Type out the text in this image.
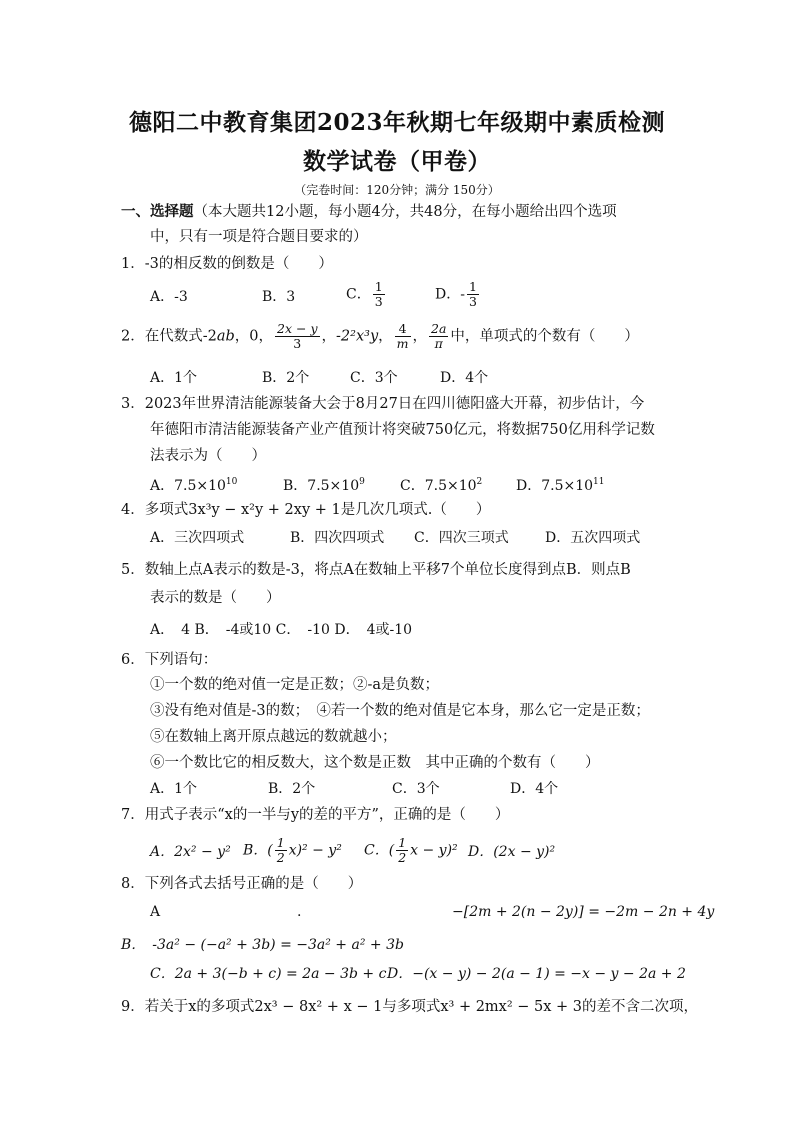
德阳二中教育集团2023年秋期七年级期中素质检测
数学试卷（甲卷）
（完卷时间：120分钟；满分 150分）
一、选择题（本大题共12小题，每小题4分，共48分，在每小题给出四个选项
中，只有一项是符合题目要求的）
1．-3的相反数的倒数是（　　）
A．-3	B．3	C． $\frac{1}{3}$	D．- $\frac{1}{3}$
2．在代数式-2ab，0， $\frac{2x - y}{3}$ ，-2²x³y， $\frac{4}{m}$ ， $\frac{2a}{\pi}$ 中，单项式的个数有（　　）
A．1个	B．2个	C．3个	D．4个
3．2023年世界清洁能源装备大会于8月27日在四川德阳盛大开幕，初步估计，今
年德阳市清洁能源装备产业产值预计将突破750亿元，将数据750亿用科学记数
法表示为（　　）
A．$7.5\times 10^{10}$	B．$7.5\times 10^9$	C．$7.5\times 10^2$ D．$7.5\times 10^{11}$
4．多项式3x³y − x²y + 2xy + 1是几次几项式.（　　）
A．三次四项式	B．四次四项式 C．四次三项式	D．五次四项式
5．数轴上点A表示的数是-3，将点A在数轴上平移7个单位长度得到点B．则点B
表示的数是（　　）
A．　4 B．　-4或10 C．　-10 D．　4或-10
6．下列语句：
①一个数的绝对值一定是正数；②-a是负数；
③没有绝对值是-3的数；　④若一个数的绝对值是它本身，那么它一定是正数；
⑤在数轴上离开原点越远的数就越小；
⑥一个数比它的相反数大，这个数是正数　其中正确的个数有（　　）
A．1个	B．2个	C．3个	D．4个
7．用式子表示“x的一半与y的差的平方”，正确的是（　　）
A．2x² − y² B．( $\frac{1}{2} x)^2 - y^2$ C．( $\frac{1}{2}$ x − y)² D．(2x − y)²
8．下列各式去括号正确的是（　　）
A	.	−[2m + 2(n − 2y)] = −2m − 2n + 4y
B．　-3a² − (−a² + 3b) = −3a² + a² + 3b
C．2a + 3(−b + c) = 2a − 3b + c D．−(x − y) − 2(a − 1) = −x − y − 2a + 2
9．若关于x的多项式2x³ − 8x² + x − 1与多项式x³ + 2mx² − 5x + 3的差不含二次项，
